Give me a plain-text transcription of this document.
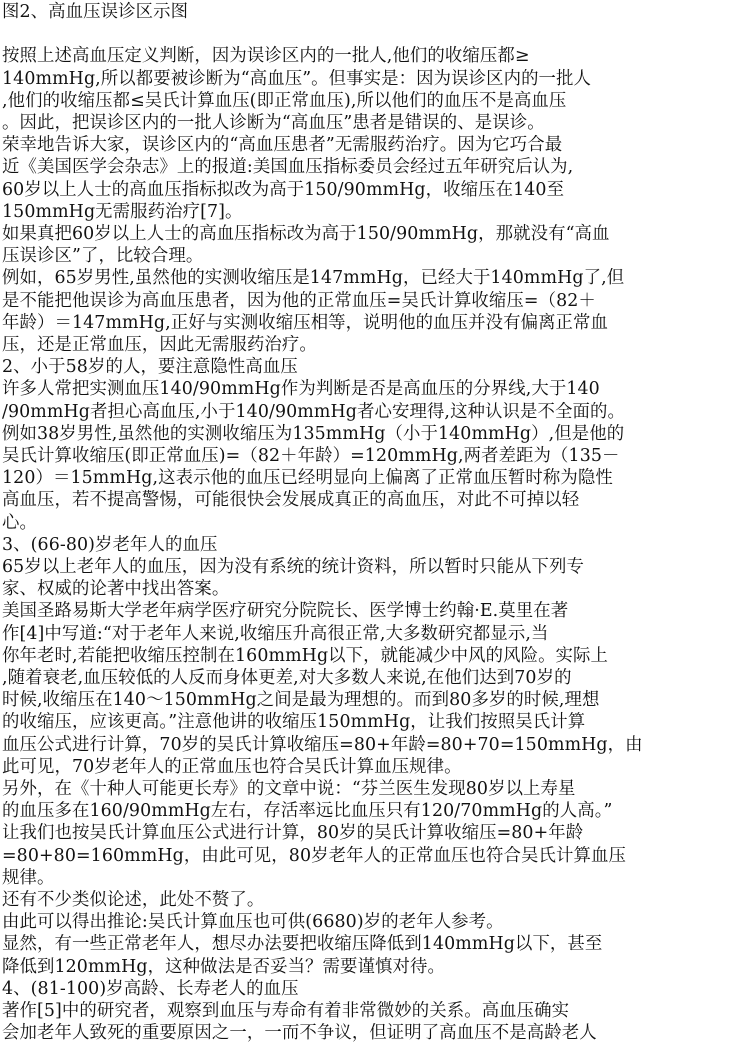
图2、高血压误诊区示图
按照上述高血压定义判断，因为误诊区内的一批人,他们的收缩压都≥
140mmHg,所以都要被诊断为“高血压”。但事实是：因为误诊区内的一批人
,他们的收缩压都≤吴氏计算血压(即正常血压),所以他们的血压不是高血压
。因此，把误诊区内的一批人诊断为“高血压”患者是错误的、是误诊。
荣幸地告诉大家，误诊区内的“高血压患者”无需服药治疗。因为它巧合最
近《美国医学会杂志》上的报道:美国血压指标委员会经过五年研究后认为,
60岁以上人士的高血压指标拟改为高于150/90mmHg，收缩压在140至
150mmHg无需服药治疗[7]。
如果真把60岁以上人士的高血压指标改为高于150/90mmHg，那就没有“高血
压误诊区”了，比较合理。
例如，65岁男性,虽然他的实测收缩压是147mmHg，已经大于140mmHg了,但
是不能把他误诊为高血压患者，因为他的正常血压=吴氏计算收缩压=（82＋
年龄）＝147mmHg,正好与实测收缩压相等，说明他的血压并没有偏离正常血
压，还是正常血压，因此无需服药治疗。
2、小于58岁的人，要注意隐性高血压
许多人常把实测血压140/90mmHg作为判断是否是高血压的分界线,大于140
/90mmHg者担心高血压,小于140/90mmHg者心安理得,这种认识是不全面的。
例如38岁男性,虽然他的实测收缩压为135mmHg（小于140mmHg）,但是他的
吴氏计算收缩压(即正常血压)=（82＋年龄）=120mmHg,两者差距为（135－
120）＝15mmHg,这表示他的血压已经明显向上偏离了正常血压暂时称为隐性
高血压，若不提高警惕，可能很快会发展成真正的高血压，对此不可掉以轻
心。
3、(66-80)岁老年人的血压
65岁以上老年人的血压，因为没有系统的统计资料，所以暂时只能从下列专
家、权威的论著中找出答案。
美国圣路易斯大学老年病学医疗研究分院院长、医学博士约翰·E.莫里在著
作[4]中写道:“对于老年人来说,收缩压升高很正常,大多数研究都显示,当
你年老时,若能把收缩压控制在160mmHg以下，就能减少中风的风险。实际上
,随着衰老,血压较低的人反而身体更差,对大多数人来说,在他们达到70岁的
时候,收缩压在140～150mmHg之间是最为理想的。而到80多岁的时候,理想
的收缩压，应该更高。”注意他讲的收缩压150mmHg，让我们按照吴氏计算
血压公式进行计算，70岁的吴氏计算收缩压=80+年龄=80+70=150mmHg，由
此可见，70岁老年人的正常血压也符合吴氏计算血压规律。
另外，在《十种人可能更长寿》的文章中说：“芬兰医生发现80岁以上寿星
的血压多在160/90mmHg左右，存活率远比血压只有120/70mmHg的人高。”
让我们也按吴氏计算血压公式进行计算，80岁的吴氏计算收缩压=80+年龄
=80+80=160mmHg，由此可见，80岁老年人的正常血压也符合吴氏计算血压
规律。
还有不少类似论述，此处不赘了。
由此可以得出推论:吴氏计算血压也可供(6680)岁的老年人参考。
显然，有一些正常老年人，想尽办法要把收缩压降低到140mmHg以下，甚至
降低到120mmHg，这种做法是否妥当？需要谨慎对待。
4、(81-100)岁高龄、长寿老人的血压
著作[5]中的研究者，观察到血压与寿命有着非常微妙的关系。高血压确实
会加老年人致死的重要原因之一，一而不争议，但证明了高血压不是高龄老人
